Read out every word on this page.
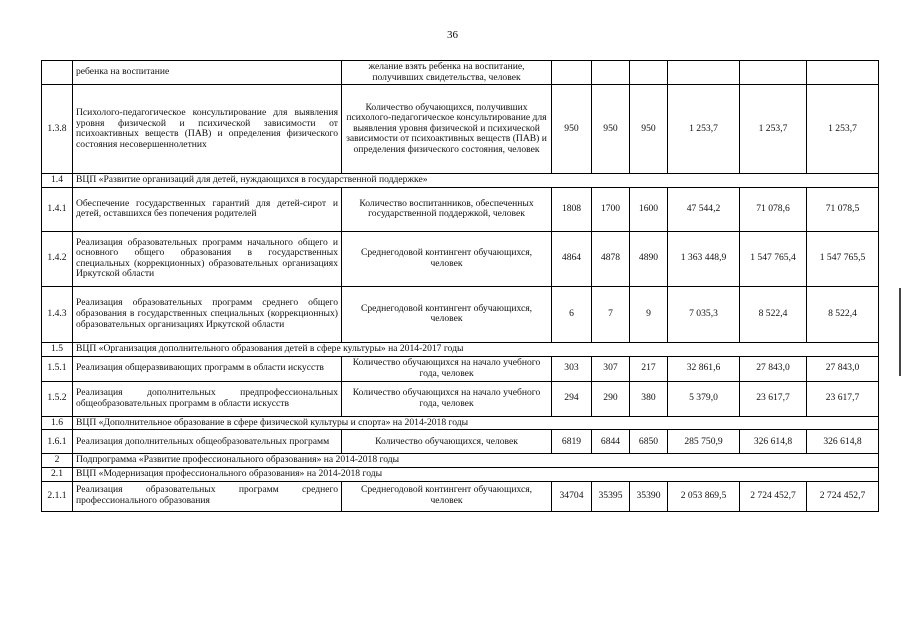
36
	ребенка на воспитание	желание взять ребенка на воспитание, получивших свидетельства, человек						
1.3.8	Психолого-педагогическое консультирование для выявления уровня физической и психической зависимости от психоактивных веществ (ПАВ) и определения физического состояния несовершеннолетних	Количество обучающихся, получивших психолого-педагогическое консультирование для выявления уровня физической и психической зависимости от психоактивных веществ (ПАВ) и определения физического состояния, человек	950	950	950	1 253,7	1 253,7	1 253,7
1.4	ВЦП «Развитие организаций для детей, нуждающихся в государственной поддержке»							
1.4.1	Обеспечение государственных гарантий для детей-сирот и детей, оставшихся без попечения родителей	Количество воспитанников, обеспеченных государственной поддержкой, человек	1808	1700	1600	47 544,2	71 078,6	71 078,5
1.4.2	Реализация образовательных программ начального общего и основного общего образования в государственных специальных (коррекционных) образовательных организациях Иркутской области	Среднегодовой контингент обучающихся, человек	4864	4878	4890	1 363 448,9	1 547 765,4	1 547 765,5
1.4.3	Реализация образовательных программ среднего общего образования в государственных специальных (коррекционных) образовательных организациях Иркутской области	Среднегодовой контингент обучающихся, человек	6	7	9	7 035,3	8 522,4	8 522,4
1.5	ВЦП «Организация дополнительного образования детей в сфере культуры» на 2014-2017 годы							
1.5.1	Реализация общеразвивающих программ в области искусств	Количество обучающихся на начало учебного года, человек	303	307	217	32 861,6	27 843,0	27 843,0
1.5.2	Реализация дополнительных предпрофессиональных общеобразовательных программ в области искусств	Количество обучающихся на начало учебного года, человек	294	290	380	5 379,0	23 617,7	23 617,7
1.6	ВЦП «Дополнительное образование в сфере физической культуры и спорта» на 2014-2018 годы							
1.6.1	Реализация дополнительных общеобразовательных программ	Количество обучающихся, человек	6819	6844	6850	285 750,9	326 614,8	326 614,8
2	Подпрограмма «Развитие профессионального образования» на 2014-2018 годы							
2.1	ВЦП «Модернизация профессионального образования» на 2014-2018 годы							
2.1.1	Реализация образовательных программ среднего профессионального образования	Среднегодовой контингент обучающихся, человек	34704	35395	35390	2 053 869,5	2 724 452,7	2 724 452,7
